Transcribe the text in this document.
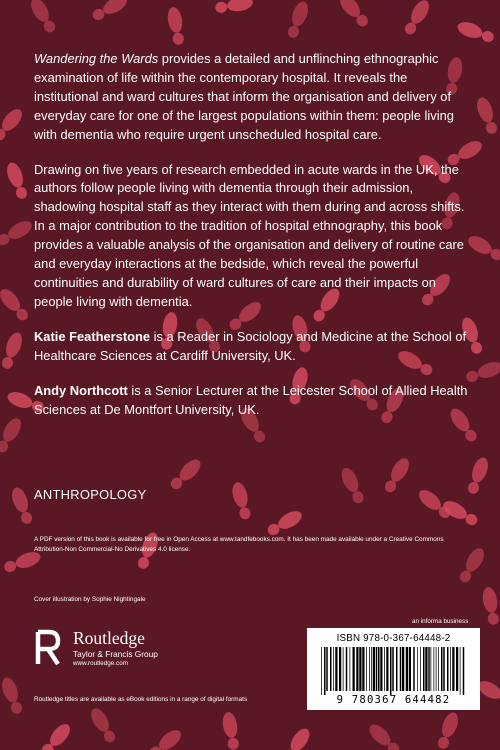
Wandering the Wards provides a detailed and unflinching ethnographic examination of life within the contemporary hospital. It reveals the institutional and ward cultures that inform the organisation and delivery of everyday care for one of the largest populations within them: people living with dementia who require urgent unscheduled hospital care.

Drawing on five years of research embedded in acute wards in the UK, the authors follow people living with dementia through their admission, shadowing hospital staff as they interact with them during and across shifts. In a major contribution to the tradition of hospital ethnography, this book provides a valuable analysis of the organisation and delivery of routine care and everyday interactions at the bedside, which reveal the powerful continuities and durability of ward cultures of care and their impacts on people living with dementia.

Katie Featherstone is a Reader in Sociology and Medicine at the School of Healthcare Sciences at Cardiff University, UK.

Andy Northcott is a Senior Lecturer at the Leicester School of Allied Health Sciences at De Montfort University, UK.

ANTHROPOLOGY

A PDF version of this book is available for free in Open Access at www.tandfebooks.com. It has been made available under a Creative Commons Attribution-Non Commercial-No Derivatives 4.0 license.
Cover illustration by Sophie Nightingale
an informa business
Routledge
Taylor & Francis Group
www.routledge.com
Routledge titles are available as eBook editions in a range of digital formats
ISBN 978-0-367-64448-2
9 780367 644482
